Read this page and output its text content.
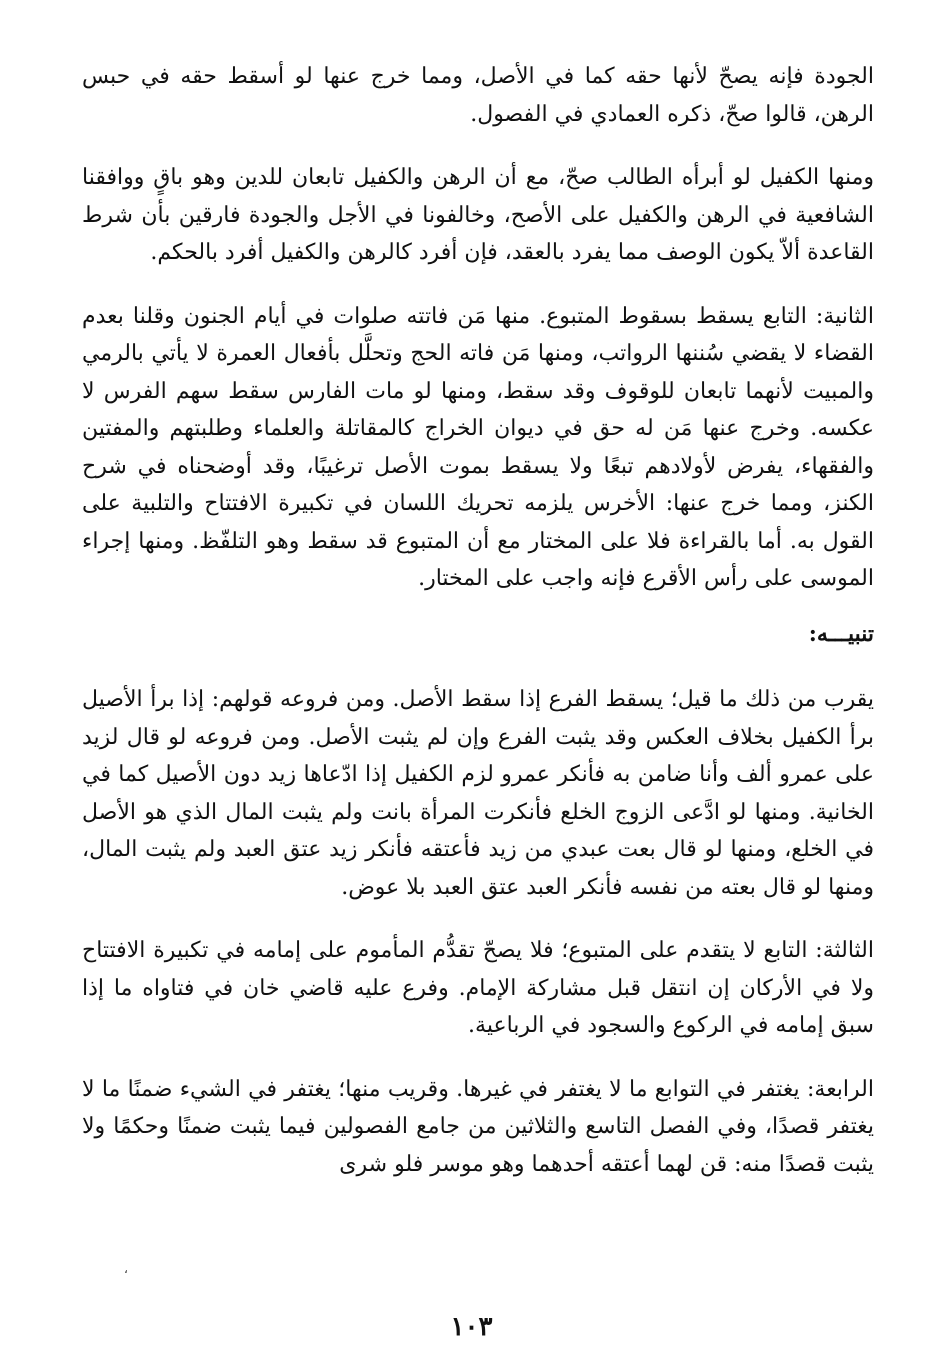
الجودة فإنه يصحّ لأنها حقه كما في الأصل، ومما خرج عنها لو أسقط حقه في حبس الرهن، قالوا صحّ، ذكره العمادي في الفصول.

ومنها الكفيل لو أبرأه الطالب صحّ، مع أن الرهن والكفيل تابعان للدين وهو باقٍ ووافقنا الشافعية في الرهن والكفيل على الأصح، وخالفونا في الأجل والجودة فارقين بأن شرط القاعدة ألاّ يكون الوصف مما يفرد بالعقد، فإن أفرد كالرهن والكفيل أفرد بالحكم.

الثانية: التابع يسقط بسقوط المتبوع. منها مَن فاتته صلوات في أيام الجنون وقلنا بعدم القضاء لا يقضي سُننها الرواتب، ومنها مَن فاته الحج وتحلَّل بأفعال العمرة لا يأتي بالرمي والمبيت لأنهما تابعان للوقوف وقد سقط، ومنها لو مات الفارس سقط سهم الفرس لا عكسه. وخرج عنها مَن له حق في ديوان الخراج كالمقاتلة والعلماء وطلبتهم والمفتين والفقهاء، يفرض لأولادهم تبعًا ولا يسقط بموت الأصل ترغيبًا، وقد أوضحناه في شرح الكنز، ومما خرج عنها: الأخرس يلزمه تحريك اللسان في تكبيرة الافتتاح والتلبية على القول به. أما بالقراءة فلا على المختار مع أن المتبوع قد سقط وهو التلفّظ. ومنها إجراء الموسى على رأس الأقرع فإنه واجب على المختار.

تنبيـــه:

يقرب من ذلك ما قيل؛ يسقط الفرع إذا سقط الأصل. ومن فروعه قولهم: إذا برأ الأصيل برأ الكفيل بخلاف العكس وقد يثبت الفرع وإن لم يثبت الأصل. ومن فروعه لو قال لزيد على عمرو ألف وأنا ضامن به فأنكر عمرو لزم الكفيل إذا ادّعاها زيد دون الأصيل كما في الخانية. ومنها لو ادَّعى الزوج الخلع فأنكرت المرأة بانت ولم يثبت المال الذي هو الأصل في الخلع، ومنها لو قال بعت عبدي من زيد فأعتقه فأنكر زيد عتق العبد ولم يثبت المال، ومنها لو قال بعته من نفسه فأنكر العبد عتق العبد بلا عوض.

الثالثة: التابع لا يتقدم على المتبوع؛ فلا يصحّ تقدُّم المأموم على إمامه في تكبيرة الافتتاح ولا في الأركان إن انتقل قبل مشاركة الإمام. وفرع عليه قاضي خان في فتاواه ما إذا سبق إمامه في الركوع والسجود في الرباعية.

الرابعة: يغتفر في التوابع ما لا يغتفر في غيرها. وقريب منها؛ يغتفر في الشيء ضمنًا ما لا يغتفر قصدًا، وفي الفصل التاسع والثلاثين من جامع الفصولين فيما يثبت ضمنًا وحكمًا ولا يثبت قصدًا منه: قن لهما أعتقه أحدهما وهو موسر فلو شرى

،
١٠٣
